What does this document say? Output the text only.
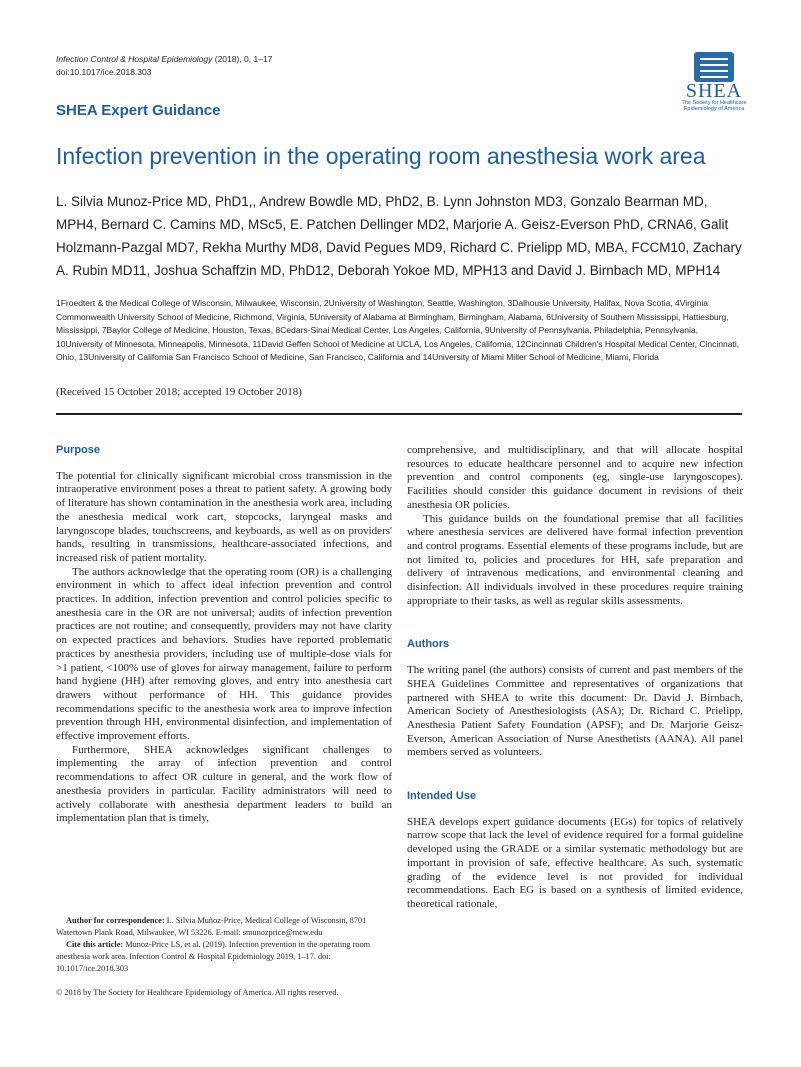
Infection Control & Hospital Epidemiology (2018), 0, 1–17
doi:10.1017/ice.2018.303
SHEA
The Society for Healthcare Epidemiology of America
SHEA Expert Guidance
Infection prevention in the operating room anesthesia work area
L. Silvia Munoz-Price MD, PhD1,, Andrew Bowdle MD, PhD2, B. Lynn Johnston MD3, Gonzalo Bearman MD, MPH4, Bernard C. Camins MD, MSc5, E. Patchen Dellinger MD2, Marjorie A. Geisz-Everson PhD, CRNA6, Galit Holzmann-Pazgal MD7, Rekha Murthy MD8, David Pegues MD9, Richard C. Prielipp MD, MBA, FCCM10, Zachary A. Rubin MD11, Joshua Schaffzin MD, PhD12, Deborah Yokoe MD, MPH13 and David J. Birnbach MD, MPH14
1Froedtert & the Medical College of Wisconsin, Milwaukee, Wisconsin, 2University of Washington, Seattle, Washington, 3Dalhousie University, Halifax, Nova Scotia, 4Virginia Commonwealth University School of Medicine, Richmond, Virginia, 5University of Alabama at Birmingham, Birmingham, Alabama, 6University of Southern Mississippi, Hattiesburg, Mississippi, 7Baylor College of Medicine, Houston, Texas, 8Cedars-Sinai Medical Center, Los Angeles, California, 9University of Pennsylvania, Philadelphia, Pennsylvania, 10University of Minnesota, Minneapolis, Minnesota, 11David Geffen School of Medicine at UCLA, Los Angeles, California, 12Cincinnati Children's Hospital Medical Center, Cincinnati, Ohio, 13University of California San Francisco School of Medicine, San Francisco, California and 14University of Miami Miller School of Medicine, Miami, Florida
(Received 15 October 2018; accepted 19 October 2018)
Purpose

The potential for clinically significant microbial cross transmission in the intraoperative environment poses a threat to patient safety. A growing body of literature has shown contamination in the anesthesia work area, including the anesthesia medical work cart, stopcocks, laryngeal masks and laryngoscope blades, touchscreens, and keyboards, as well as on providers' hands, resulting in transmissions, healthcare-associated infections, and increased risk of patient mortality.

The authors acknowledge that the operating room (OR) is a challenging environment in which to affect ideal infection prevention and control practices. In addition, infection prevention and control policies specific to anesthesia care in the OR are not universal; audits of infection prevention practices are not routine; and consequently, providers may not have clarity on expected practices and behaviors. Studies have reported problematic practices by anesthesia providers, including use of multiple-dose vials for >1 patient, <100% use of gloves for airway management, failure to perform hand hygiene (HH) after removing gloves, and entry into anesthesia cart drawers without performance of HH. This guidance provides recommendations specific to the anesthesia work area to improve infection prevention through HH, environmental disinfection, and implementation of effective improvement efforts.

Furthermore, SHEA acknowledges significant challenges to implementing the array of infection prevention and control recommendations to affect OR culture in general, and the work flow of anesthesia providers in particular. Facility administrators will need to actively collaborate with anesthesia department leaders to build an implementation plan that is timely,

comprehensive, and multidisciplinary, and that will allocate hospital resources to educate healthcare personnel and to acquire new infection prevention and control components (eg, single-use laryngoscopes). Facilities should consider this guidance document in revisions of their anesthesia OR policies.

This guidance builds on the foundational premise that all facilities where anesthesia services are delivered have formal infection prevention and control programs. Essential elements of these programs include, but are not limited to, policies and procedures for HH, safe preparation and delivery of intravenous medications, and environmental cleaning and disinfection. All individuals involved in these procedures require training appropriate to their tasks, as well as regular skills assessments.

Authors

The writing panel (the authors) consists of current and past members of the SHEA Guidelines Committee and representatives of organizations that partnered with SHEA to write this document: Dr. David J. Birnbach, American Society of Anesthesiologists (ASA); Dr. Richard C. Prielipp, Anesthesia Patient Safety Foundation (APSF); and Dr. Marjorie Geisz-Everson, American Association of Nurse Anesthetists (AANA). All panel members served as volunteers.

Intended Use

SHEA develops expert guidance documents (EGs) for topics of relatively narrow scope that lack the level of evidence required for a formal guideline developed using the GRADE or a similar systematic methodology but are important in provision of safe, effective healthcare. As such, systematic grading of the evidence level is not provided for individual recommendations. Each EG is based on a synthesis of limited evidence, theoretical rationale,

Author for correspondence: L. Silvia Muñoz-Price, Medical College of Wisconsin, 8701 Watertown Plank Road, Milwaukee, WI 53226. E-mail: smunozprice@mcw.edu

Cite this article: Munoz-Price LS, et al. (2019). Infection prevention in the operating room anesthesia work area. Infection Control & Hospital Epidemiology 2019, 1–17. doi: 10.1017/ice.2018.303

© 2018 by The Society for Healthcare Epidemiology of America. All rights reserved.
